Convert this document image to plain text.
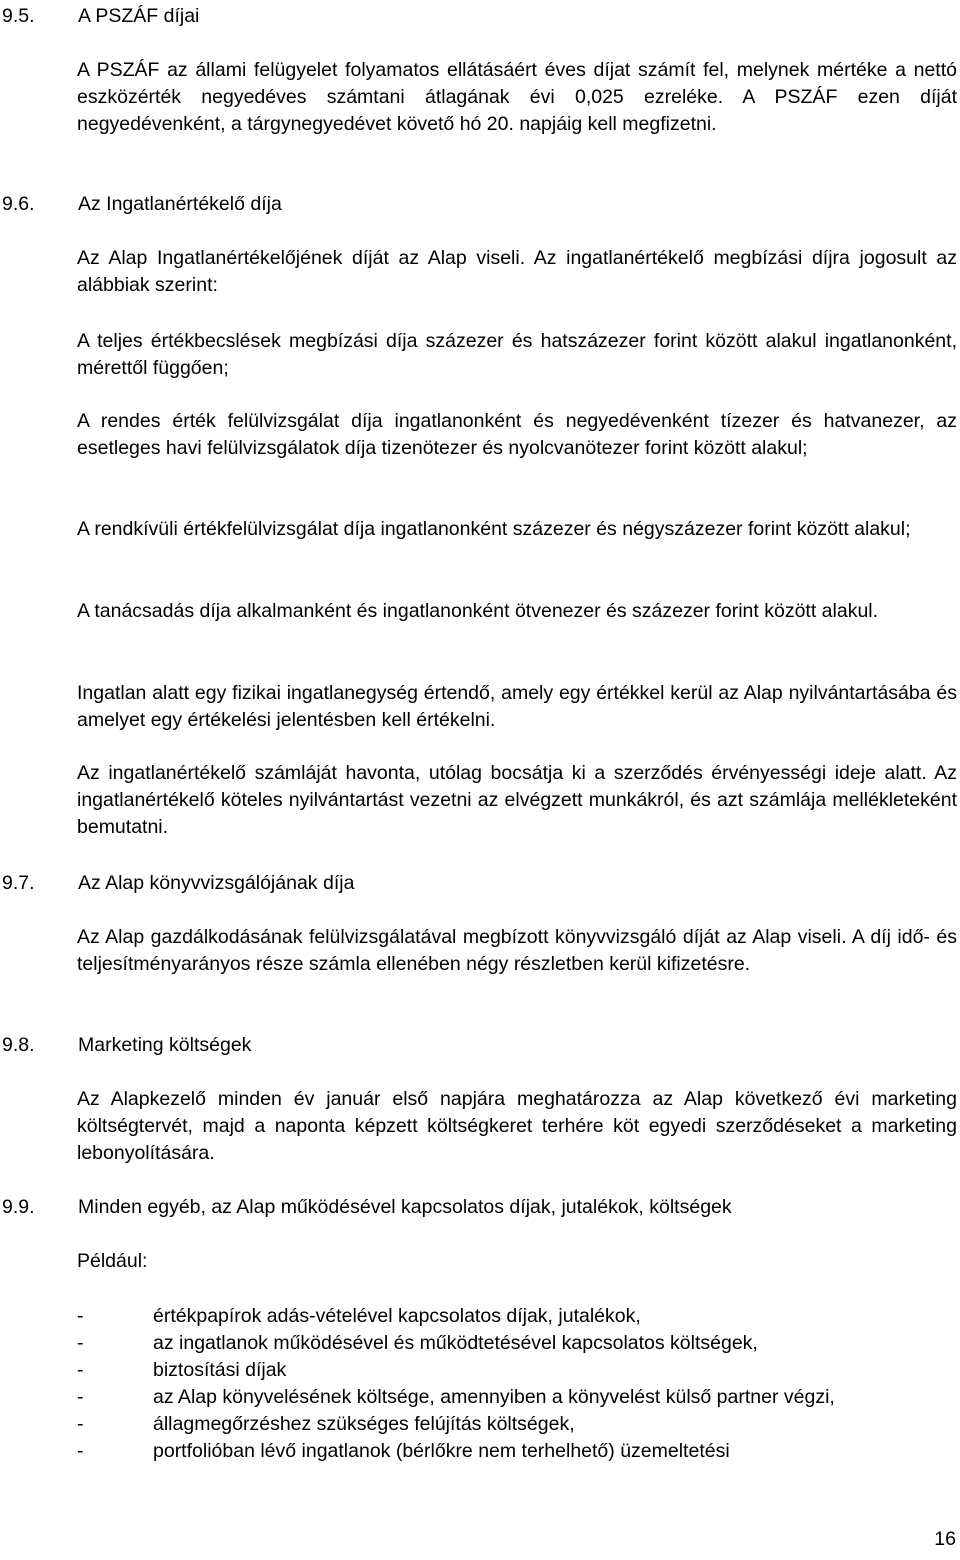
9.5. A PSZÁF díjai

A PSZÁF az állami felügyelet folyamatos ellátásáért éves díjat számít fel, melynek mértéke a nettó eszközérték negyedéves számtani átlagának évi 0,025 ezreléke. A PSZÁF ezen díját negyedévenként, a tárgynegyedévet követő hó 20. napjáig kell megfizetni.

9.6. Az Ingatlanértékelő díja

Az Alap Ingatlanértékelőjének díját az Alap viseli. Az ingatlanértékelő megbízási díjra jogosult az alábbiak szerint:

A teljes értékbecslések megbízási díja százezer és hatszázezer forint között alakul ingatlanonként, mérettől függően;

A rendes érték felülvizsgálat díja ingatlanonként és negyedévenként tízezer és hatvanezer, az esetleges havi felülvizsgálatok díja tizenötezer és nyolcvanötezer forint között alakul;

A rendkívüli értékfelülvizsgálat díja ingatlanonként százezer és négyszázezer forint között alakul;

A tanácsadás díja alkalmanként és ingatlanonként ötvenezer és százezer forint között alakul.

Ingatlan alatt egy fizikai ingatlanegység értendő, amely egy értékkel kerül az Alap nyilvántartásába és amelyet egy értékelési jelentésben kell értékelni.

Az ingatlanértékelő számláját havonta, utólag bocsátja ki a szerződés érvényességi ideje alatt. Az ingatlanértékelő köteles nyilvántartást vezetni az elvégzett munkákról, és azt számlája mellékleteként bemutatni.

9.7. Az Alap könyvvizsgálójának díja

Az Alap gazdálkodásának felülvizsgálatával megbízott könyvvizsgáló díját az Alap viseli. A díj idő- és teljesítményarányos része számla ellenében négy részletben kerül kifizetésre.

9.8. Marketing költségek

Az Alapkezelő minden év január első napjára meghatározza az Alap következő évi marketing költségtervét, majd a naponta képzett költségkeret terhére köt egyedi szerződéseket a marketing lebonyolítására.

9.9. Minden egyéb, az Alap működésével kapcsolatos díjak, jutalékok, költségek

Például:

-	értékpapírok adás-vételével kapcsolatos díjak, jutalékok,
-	az ingatlanok működésével és működtetésével kapcsolatos költségek,
-	biztosítási díjak
-	az Alap könyvelésének költsége, amennyiben a könyvelést külső partner végzi,
-	állagmegőrzéshez szükséges felújítás költségek,
-	portfolióban lévő ingatlanok (bérlőkre nem terhelhető) üzemeltetési
16
